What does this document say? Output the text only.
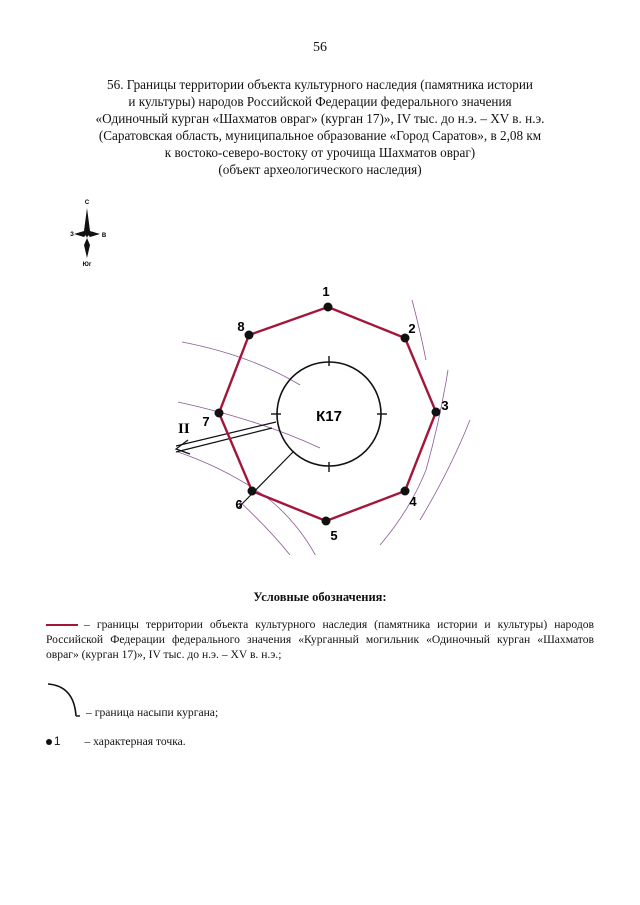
56
56. Границы территории объекта культурного наследия (памятника истории
и культуры) народов Российской Федерации федерального значения
«Одиночный курган «Шахматов овраг» (курган 17)», IV тыс. до н.э. – XV в. н.э.
(Саратовская область, муниципальное образование «Город Саратов», в 2,08 км
к востоко-северо-востоку от урочища Шахматов овраг)
(объект археологического наследия)
С
З	В
Юг
II
К17
1
2
3
4
5
6
7
8
Условные обозначения:
– границы территории объекта культурного наследия (памятника истории и культуры) народов Российской Федерации федерального значения «Курганный могильник «Одиночный курган «Шахматов овраг» (курган 17)», IV тыс. до н.э. – XV в. н.э.;
– граница насыпи кургана;
1 – характерная точка.
